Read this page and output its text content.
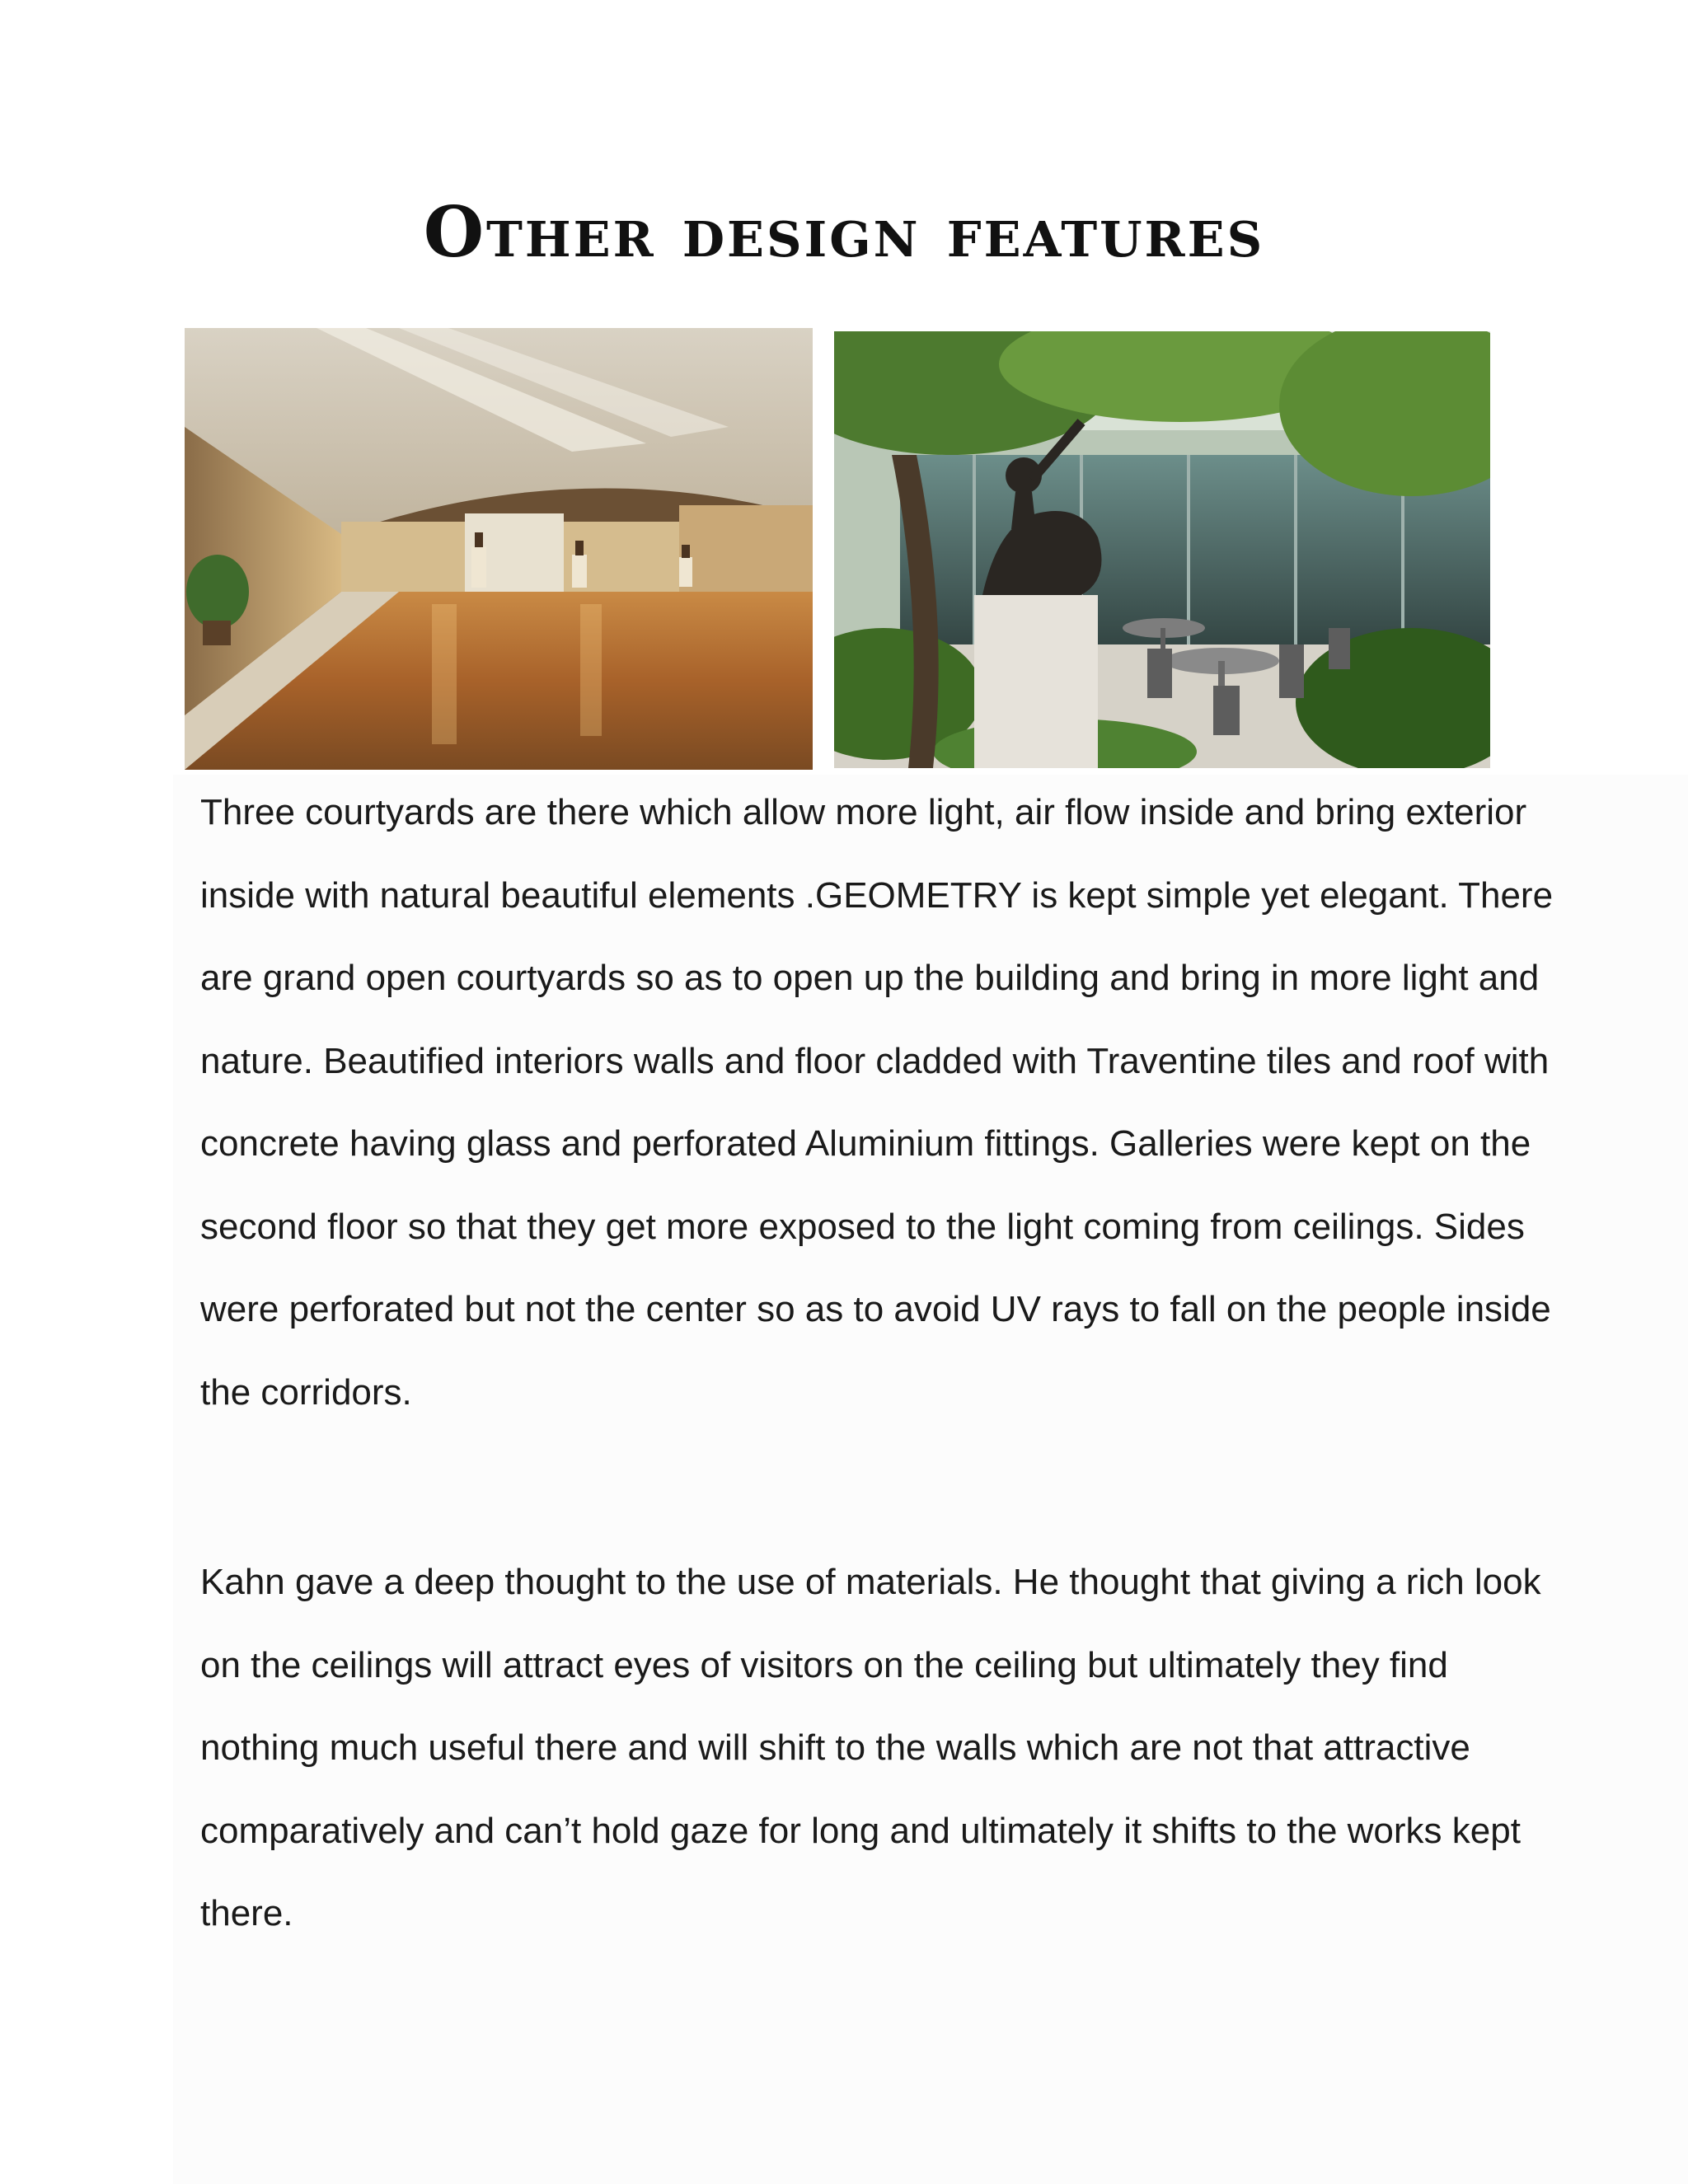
Other design features

Three courtyards are there which allow more light, air flow inside and bring exterior inside with natural beautiful elements .GEOMETRY is kept simple yet elegant. There are grand open courtyards so as to open up the building and bring in more light and nature. Beautified interiors walls and floor cladded with Traventine tiles and roof with concrete having glass and perforated Aluminium fittings. Galleries were kept on the second floor so that they get more exposed to the light coming from ceilings. Sides were perforated but not the center so as to avoid UV rays to fall on the people inside the corridors.

Kahn gave a deep thought to the use of materials. He thought that giving a rich look on the ceilings will attract eyes of visitors on the ceiling but ultimately they find nothing much useful there and will shift to the walls which are not that attractive comparatively and can’t hold gaze for long and ultimately it shifts to the works kept there.
